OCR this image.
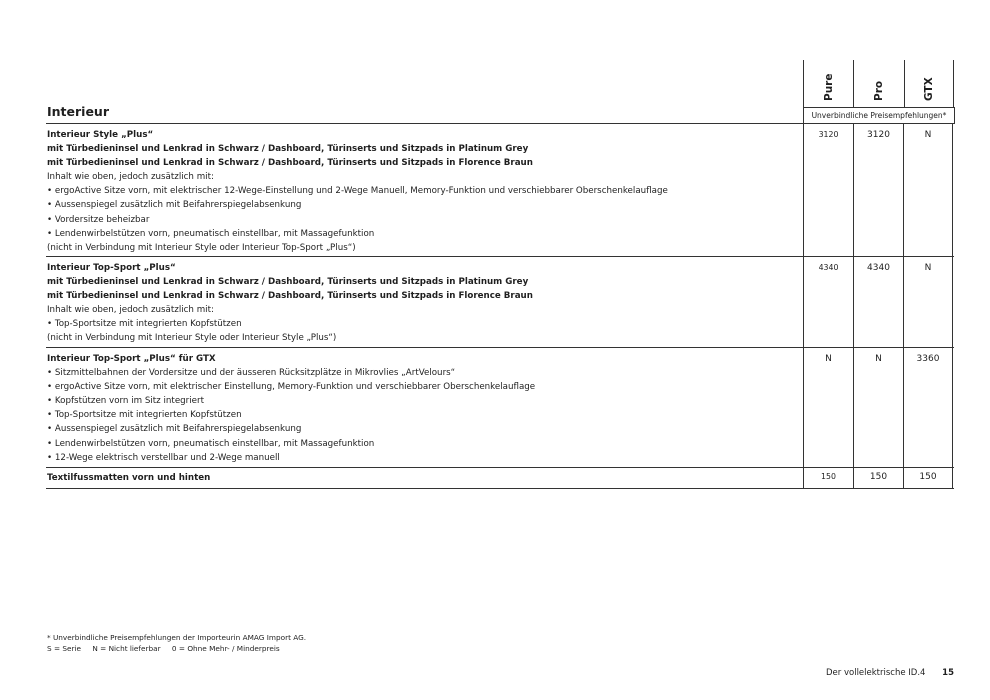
Pure	Pro	GTX
Interieur	Unverbindliche Preisempfehlungen*
Interieur Style „Plus“
mit Türbedieninsel und Lenkrad in Schwarz / Dashboard, Türinserts und Sitzpads in Platinum Grey
mit Türbedieninsel und Lenkrad in Schwarz / Dashboard, Türinserts und Sitzpads in Florence Braun
Inhalt wie oben, jedoch zusätzlich mit:
• ergoActive Sitze vorn, mit elektrischer 12-Wege-Einstellung und 2-Wege Manuell, Memory-Funktion und verschiebbarer Oberschenkelauflage
• Aussenspiegel zusätzlich mit Beifahrerspiegelabsenkung
• Vordersitze beheizbar
• Lendenwirbelstützen vorn, pneumatisch einstellbar, mit Massagefunktion
(nicht in Verbindung mit Interieur Style oder Interieur Top-Sport „Plus“)
3120	3120	N
Interieur Top-Sport „Plus“
mit Türbedieninsel und Lenkrad in Schwarz / Dashboard, Türinserts und Sitzpads in Platinum Grey
mit Türbedieninsel und Lenkrad in Schwarz / Dashboard, Türinserts und Sitzpads in Florence Braun
Inhalt wie oben, jedoch zusätzlich mit:
• Top-Sportsitze mit integrierten Kopfstützen
(nicht in Verbindung mit Interieur Style oder Interieur Style „Plus“)
4340	4340	N
Interieur Top-Sport „Plus“ für GTX
• Sitzmittelbahnen der Vordersitze und der äusseren Rücksitzplätze in Mikrovlies „ArtVelours“
• ergoActive Sitze vorn, mit elektrischer Einstellung, Memory-Funktion und verschiebbarer Oberschenkelauflage
• Kopfstützen vorn im Sitz integriert
• Top-Sportsitze mit integrierten Kopfstützen
• Aussenspiegel zusätzlich mit Beifahrerspiegelabsenkung
• Lendenwirbelstützen vorn, pneumatisch einstellbar, mit Massagefunktion
• 12-Wege elektrisch verstellbar und 2-Wege manuell
N	N	3360
Textilfussmatten vorn und hinten	150	150	150
* Unverbindliche Preisempfehlungen der Importeurin AMAG Import AG.
S = Serie N = Nicht lieferbar 0 = Ohne Mehr- / Minderpreis
Der vollelektrische ID.4 15
